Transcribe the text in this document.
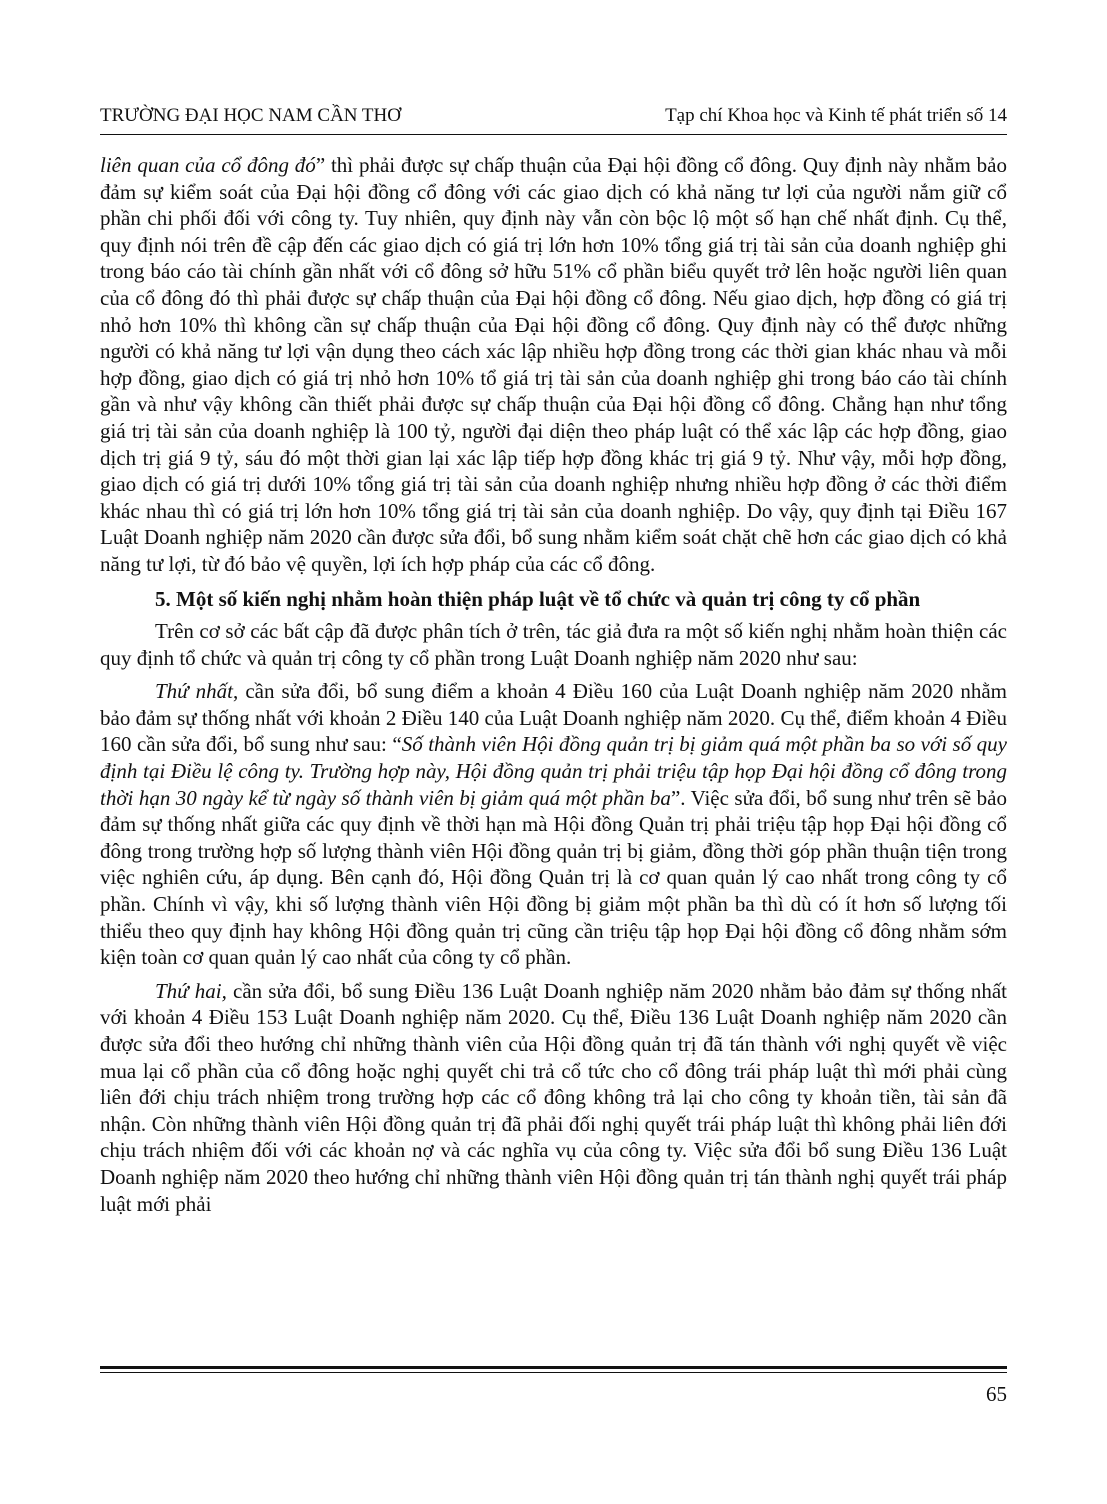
TRƯỜNG ĐẠI HỌC NAM CẦN THƠ	Tạp chí Khoa học và Kinh tế phát triển số 14

liên quan của cổ đông đó” thì phải được sự chấp thuận của Đại hội đồng cổ đông. Quy định này nhằm bảo đảm sự kiểm soát của Đại hội đồng cổ đông với các giao dịch có khả năng tư lợi của người nắm giữ cổ phần chi phối đối với công ty. Tuy nhiên, quy định này vẫn còn bộc lộ một số hạn chế nhất định. Cụ thể, quy định nói trên đề cập đến các giao dịch có giá trị lớn hơn 10% tổng giá trị tài sản của doanh nghiệp ghi trong báo cáo tài chính gần nhất với cổ đông sở hữu 51% cổ phần biểu quyết trở lên hoặc người liên quan của cổ đông đó thì phải được sự chấp thuận của Đại hội đồng cổ đông. Nếu giao dịch, hợp đồng có giá trị nhỏ hơn 10% thì không cần sự chấp thuận của Đại hội đồng cổ đông. Quy định này có thể được những người có khả năng tư lợi vận dụng theo cách xác lập nhiều hợp đồng trong các thời gian khác nhau và mỗi hợp đồng, giao dịch có giá trị nhỏ hơn 10% tổ giá trị tài sản của doanh nghiệp ghi trong báo cáo tài chính gần và như vậy không cần thiết phải được sự chấp thuận của Đại hội đồng cổ đông. Chẳng hạn như tổng giá trị tài sản của doanh nghiệp là 100 tỷ, người đại diện theo pháp luật có thể xác lập các hợp đồng, giao dịch trị giá 9 tỷ, sáu đó một thời gian lại xác lập tiếp hợp đồng khác trị giá 9 tỷ. Như vậy, mỗi hợp đồng, giao dịch có giá trị dưới 10% tổng giá trị tài sản của doanh nghiệp nhưng nhiều hợp đồng ở các thời điểm khác nhau thì có giá trị lớn hơn 10% tổng giá trị tài sản của doanh nghiệp. Do vậy, quy định tại Điều 167 Luật Doanh nghiệp năm 2020 cần được sửa đổi, bổ sung nhằm kiểm soát chặt chẽ hơn các giao dịch có khả năng tư lợi, từ đó bảo vệ quyền, lợi ích hợp pháp của các cổ đông.

5. Một số kiến nghị nhằm hoàn thiện pháp luật về tổ chức và quản trị công ty cổ phần

Trên cơ sở các bất cập đã được phân tích ở trên, tác giả đưa ra một số kiến nghị nhằm hoàn thiện các quy định tổ chức và quản trị công ty cổ phần trong Luật Doanh nghiệp năm 2020 như sau:

Thứ nhất, cần sửa đổi, bổ sung điểm a khoản 4 Điều 160 của Luật Doanh nghiệp năm 2020 nhằm bảo đảm sự thống nhất với khoản 2 Điều 140 của Luật Doanh nghiệp năm 2020. Cụ thể, điểm khoản 4 Điều 160 cần sửa đổi, bổ sung như sau: “Số thành viên Hội đồng quản trị bị giảm quá một phần ba so với số quy định tại Điều lệ công ty. Trường hợp này, Hội đồng quản trị phải triệu tập họp Đại hội đồng cổ đông trong thời hạn 30 ngày kể từ ngày số thành viên bị giảm quá một phần ba”. Việc sửa đổi, bổ sung như trên sẽ bảo đảm sự thống nhất giữa các quy định về thời hạn mà Hội đồng Quản trị phải triệu tập họp Đại hội đồng cổ đông trong trường hợp số lượng thành viên Hội đồng quản trị bị giảm, đồng thời góp phần thuận tiện trong việc nghiên cứu, áp dụng. Bên cạnh đó, Hội đồng Quản trị là cơ quan quản lý cao nhất trong công ty cổ phần. Chính vì vậy, khi số lượng thành viên Hội đồng bị giảm một phần ba thì dù có ít hơn số lượng tối thiểu theo quy định hay không Hội đồng quản trị cũng cần triệu tập họp Đại hội đồng cổ đông nhằm sớm kiện toàn cơ quan quản lý cao nhất của công ty cổ phần.

Thứ hai, cần sửa đổi, bổ sung Điều 136 Luật Doanh nghiệp năm 2020 nhằm bảo đảm sự thống nhất với khoản 4 Điều 153 Luật Doanh nghiệp năm 2020. Cụ thể, Điều 136 Luật Doanh nghiệp năm 2020 cần được sửa đổi theo hướng chỉ những thành viên của Hội đồng quản trị đã tán thành với nghị quyết về việc mua lại cổ phần của cổ đông hoặc nghị quyết chi trả cổ tức cho cổ đông trái pháp luật thì mới phải cùng liên đới chịu trách nhiệm trong trường hợp các cổ đông không trả lại cho công ty khoản tiền, tài sản đã nhận. Còn những thành viên Hội đồng quản trị đã phải đối nghị quyết trái pháp luật thì không phải liên đới chịu trách nhiệm đối với các khoản nợ và các nghĩa vụ của công ty. Việc sửa đổi bổ sung Điều 136 Luật Doanh nghiệp năm 2020 theo hướng chỉ những thành viên Hội đồng quản trị tán thành nghị quyết trái pháp luật mới phải

65
